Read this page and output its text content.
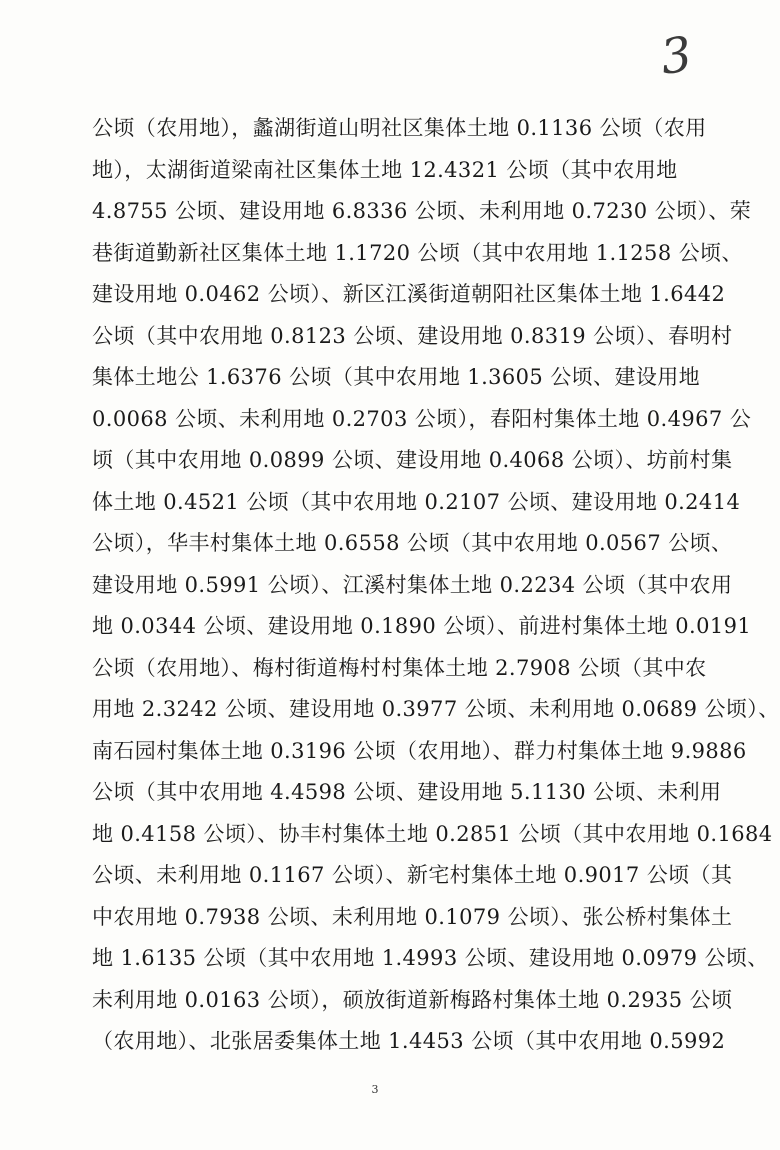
3
公顷（农用地），蠡湖街道山明社区集体土地 0.1136 公顷（农用
地），太湖街道梁南社区集体土地 12.4321 公顷（其中农用地
4.8755 公顷、建设用地 6.8336 公顷、未利用地 0.7230 公顷）、荣
巷街道勤新社区集体土地 1.1720 公顷（其中农用地 1.1258 公顷、
建设用地 0.0462 公顷）、新区江溪街道朝阳社区集体土地 1.6442
公顷（其中农用地 0.8123 公顷、建设用地 0.8319 公顷）、春明村
集体土地公 1.6376 公顷（其中农用地 1.3605 公顷、建设用地
0.0068 公顷、未利用地 0.2703 公顷），春阳村集体土地 0.4967 公
顷（其中农用地 0.0899 公顷、建设用地 0.4068 公顷）、坊前村集
体土地 0.4521 公顷（其中农用地 0.2107 公顷、建设用地 0.2414
公顷），华丰村集体土地 0.6558 公顷（其中农用地 0.0567 公顷、
建设用地 0.5991 公顷）、江溪村集体土地 0.2234 公顷（其中农用
地 0.0344 公顷、建设用地 0.1890 公顷）、前进村集体土地 0.0191
公顷（农用地）、梅村街道梅村村集体土地 2.7908 公顷（其中农
用地 2.3242 公顷、建设用地 0.3977 公顷、未利用地 0.0689 公顷）、
南石园村集体土地 0.3196 公顷（农用地）、群力村集体土地 9.9886
公顷（其中农用地 4.4598 公顷、建设用地 5.1130 公顷、未利用
地 0.4158 公顷）、协丰村集体土地 0.2851 公顷（其中农用地 0.1684
公顷、未利用地 0.1167 公顷）、新宅村集体土地 0.9017 公顷（其
中农用地 0.7938 公顷、未利用地 0.1079 公顷）、张公桥村集体土
地 1.6135 公顷（其中农用地 1.4993 公顷、建设用地 0.0979 公顷、
未利用地 0.0163 公顷），硕放街道新梅路村集体土地 0.2935 公顷
（农用地）、北张居委集体土地 1.4453 公顷（其中农用地 0.5992
3
